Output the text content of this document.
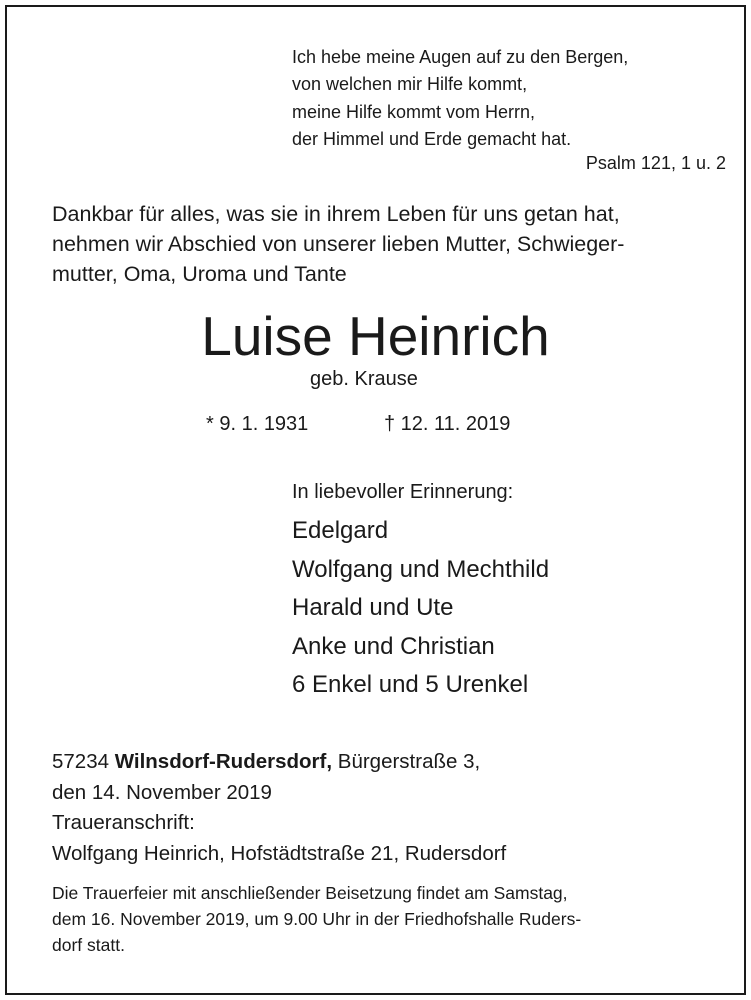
Ich hebe meine Augen auf zu den Bergen,
von welchen mir Hilfe kommt,
meine Hilfe kommt vom Herrn,
der Himmel und Erde gemacht hat.
Psalm 121, 1 u. 2
Dankbar für alles, was sie in ihrem Leben für uns getan hat,
nehmen wir Abschied von unserer lieben Mutter, Schwieger-
mutter, Oma, Uroma und Tante
Luise Heinrich
geb. Krause
* 9. 1. 1931	† 12. 11. 2019
In liebevoller Erinnerung:
Edelgard
Wolfgang und Mechthild
Harald und Ute
Anke und Christian
6 Enkel und 5 Urenkel
57234 Wilnsdorf-Rudersdorf, Bürgerstraße 3,
den 14. November 2019
Traueranschrift:
Wolfgang Heinrich, Hofstädtstraße 21, Rudersdorf
Die Trauerfeier mit anschließender Beisetzung findet am Samstag,
dem 16. November 2019, um 9.00 Uhr in der Friedhofshalle Ruders-
dorf statt.
